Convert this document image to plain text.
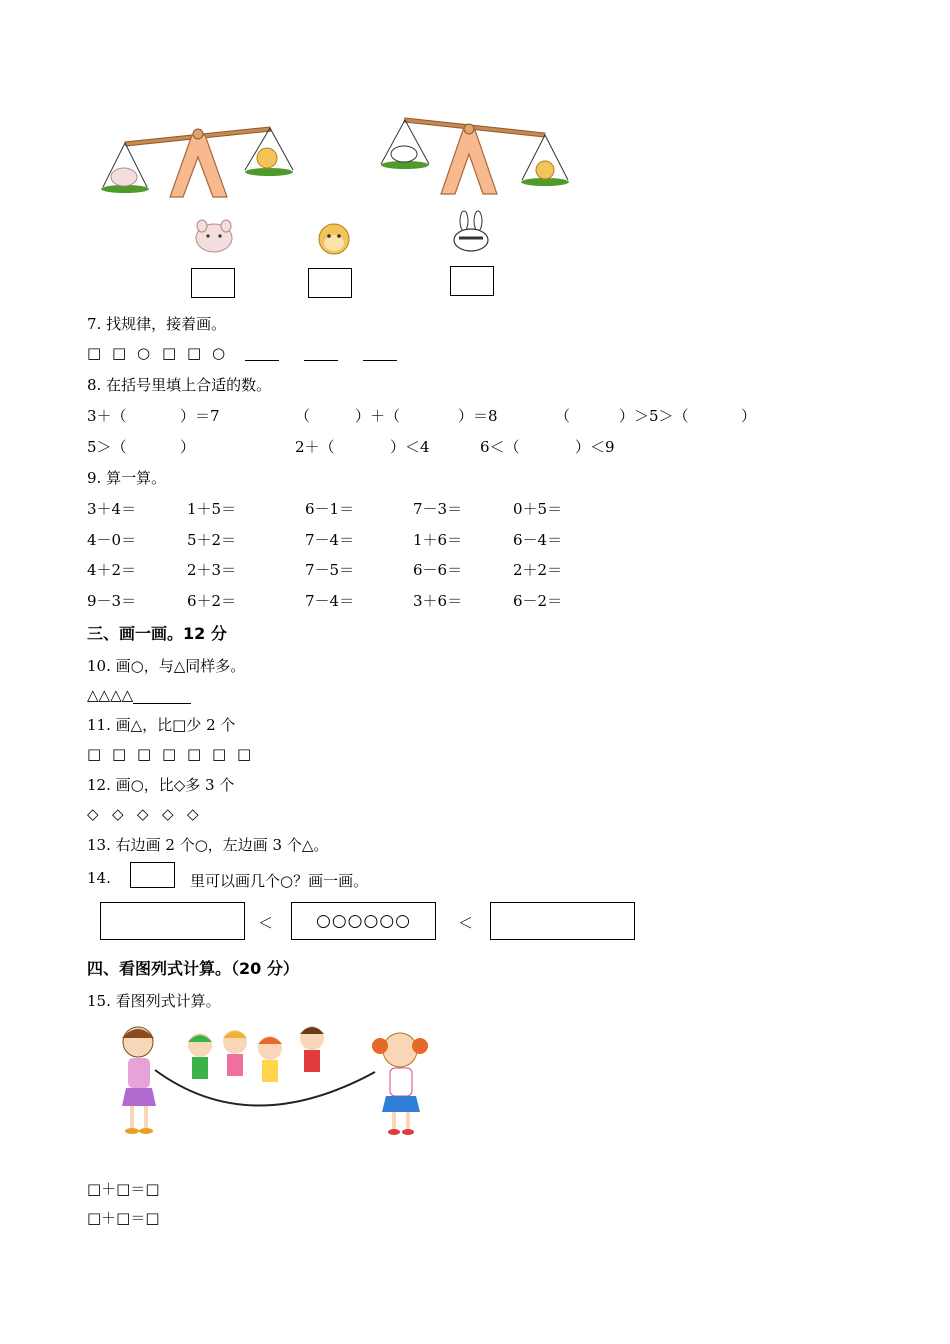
7. 找规律，接着画。
□ □ ○ □ □ ○
8. 在括号里填上合适的数。
3＋（	）＝7	（	）＋（	）＝8	（	）＞5＞（	）
5＞（	）	2＋（	）＜4	6＜（	）＜9
9. 算一算。
3＋4＝	1＋5＝	6－1＝	7－3＝	0＋5＝
4－0＝	5＋2＝	7－4＝	1＋6＝	6－4＝
4＋2＝	2＋3＝	7－5＝	6－6＝	2＋2＝
9－3＝	6＋2＝	7－4＝	3＋6＝	6－2＝
三、画一画。12 分
10. 画○，与△同样多。
△△△△
11. 画△，比□少 2 个
□ □ □ □ □ □ □
12. 画○，比◇多 3 个
◇ ◇ ◇ ◇ ◇
13. 右边画 2 个○，左边画 3 个△。
14.	里可以画几个○？画一画。
＜	○○○○○○	＜
四、看图列式计算。（20 分）
15. 看图列式计算。
□＋□＝□
□＋□＝□
